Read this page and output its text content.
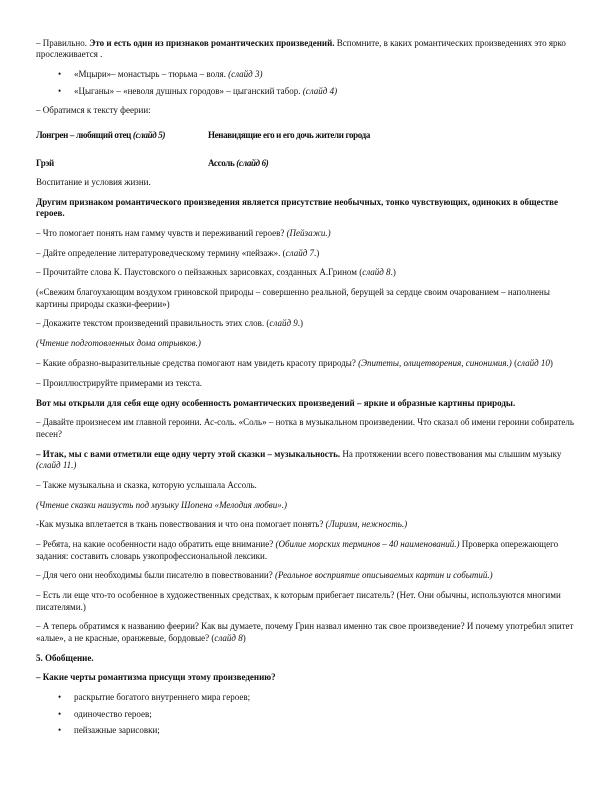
– Правильно. Это и есть один из признаков романтических произведений. Вспомните, в каких романтических произведениях это ярко прослеживается .

• «Мцыри»– монастырь – тюрьма – воля. (слайд 3)
• «Цыганы» – «неволя душных городов» – цыганский табор. (слайд 4)

– Обратимся к тексту феерии:

Лонгрен – любящий отец (слайд 5)	Ненавидящие его и его дочь жители города
Грэй	Ассоль (слайд 6)

Воспитание и условия жизни.

Другим признаком романтического произведения является присутствие необычных, тонко чувствующих, одиноких в обществе героев.

– Что помогает понять нам гамму чувств и переживаний героев? (Пейзажи.)

– Дайте определение литературоведческому термину «пейзаж». (слайд 7.)

– Прочитайте слова К. Паустовского о пейзажных зарисовках, созданных А.Грином (слайд 8.)

(«Свежим благоухающим воздухом гриновской природы – совершенно реальной, берущей за сердце своим очарованием – наполнены картины природы сказки-феерии»)

– Докажите текстом произведений правильность этих слов. (слайд 9.)

(Чтение подготовленных дома отрывков.)

– Какие образно-выразительные средства помогают нам увидеть красоту природы? (Эпитеты, олицетворения, синонимия.) (слайд 10)

– Проиллюстрируйте примерами из текста.

Вот мы открыли для себя еще одну особенность романтических произведений – яркие и образные картины природы.

– Давайте произнесем им главной героини. Ас-соль. «Соль» – нотка в музыкальном произведении. Что сказал об имени героини собиратель песен?

– Итак, мы с вами отметили еще одну черту этой сказки – музыкальность. На протяжении всего повествования мы слышим музыку (слайд 11.)

– Также музыкальна и сказка, которую услышала Ассоль.

(Чтение сказки наизусть под музыку Шопена «Мелодия любви».)

-Как музыка вплетается в ткань повествования и что она помогает понять? (Лиризм, нежность.)

– Ребята, на какие особенности надо обратить еще внимание? (Обилие морских терминов – 40 наименований.) Проверка опережающего задания: составить словарь узкопрофессиональной лексики.

– Для чего они необходимы были писателю в повествовании? (Реальное восприятие описываемых картин и событий.)

– Есть ли еще что-то особенное в художественных средствах, к которым прибегает писатель? (Нет. Они обычны, используются многими писателями.)

– А теперь обратимся к названию феерии? Как вы думаете, почему Грин назвал именно так свое произведение? И почему употребил эпитет «алые», а не красные, оранжевые, бордовые? (слайд 8)

5. Обобщение.

– Какие черты романтизма присущи этому произведению?

• раскрытие богатого внутреннего мира героев;
• одиночество героев;
• пейзажные зарисовки;
